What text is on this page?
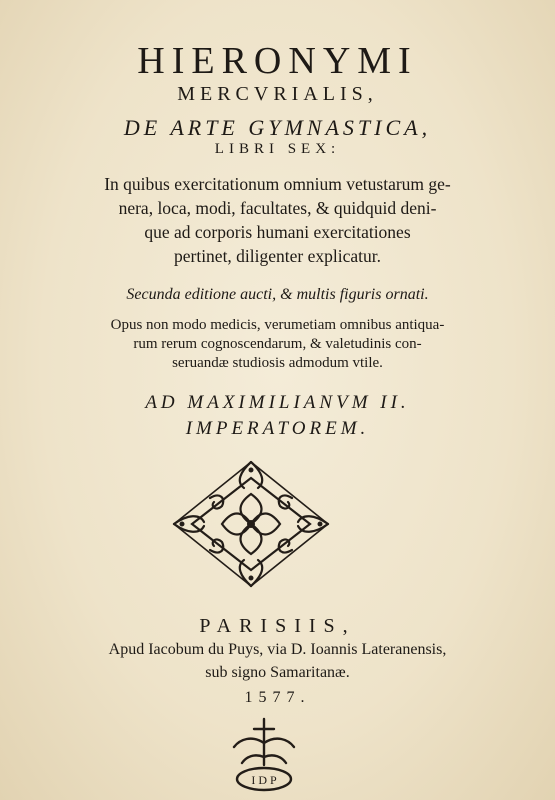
HIERONYMI
MERCVRIALIS,
DE ARTE GYMNASTICA,
LIBRI SEX:
In quibus exercitationum omnium vetustarum ge-
nera, loca, modi, facultates, & quidquid deni-
que ad corporis humani exercitationes
pertinet, diligenter explicatur.
Secunda editione aucti, & multis figuris ornati.
Opus non modo medicis, verumetiam omnibus antiqua-
rum rerum cognoscendarum, & valetudinis con-
seruandæ studiosis admodum vtile.
AD MAXIMILIANVM II.
IMPERATOREM.
PARISIIS,
Apud Iacobum du Puys, via D. Ioannis Lateranensis,
sub signo Samaritanæ.
1577.
I D P
